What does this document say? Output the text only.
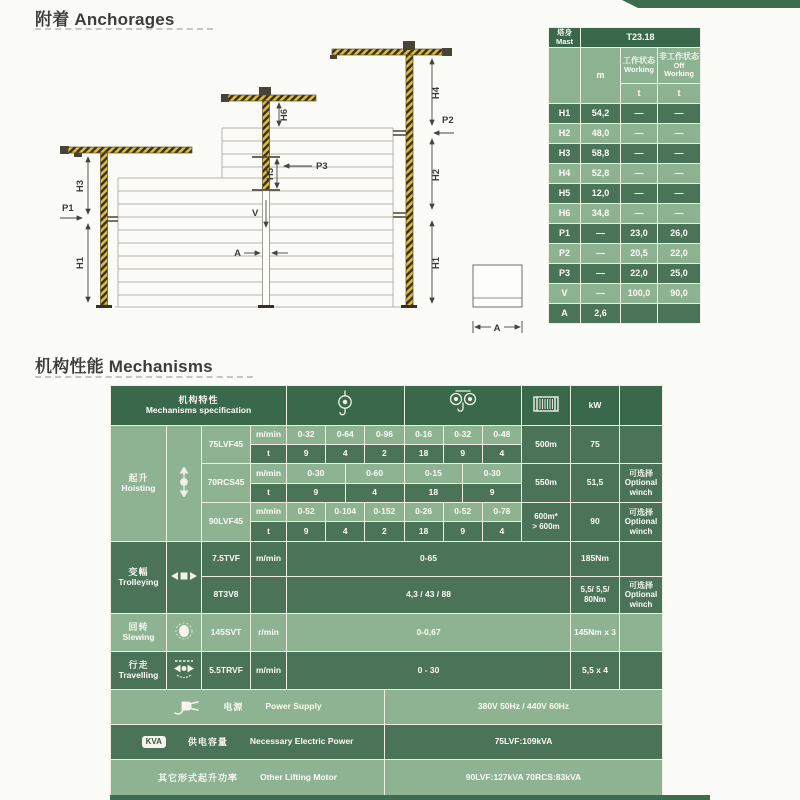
附着 Anchorages
H3
H1
P1
H6
H5
P3
V
A
H4
P2
H2
H1
A
塔身
Mast	T23.18		
	m	工作状态
Working	非工作状态 Off Working
		t	t
H1	54,2	—	—
H2	48,0	—	—
H3	58,8	—	—
H4	52,8	—	—
H5	12,0	—	—
H6	34,8	—	—
P1	—	23,0	26,0
P2	—	20,5	22,0
P3	—	22,0	25,0
V	—	100,0	90,0
A	2,6		
机构性能 Mechanisms
机构特性
Mechanisms specification														kW	
起升
Hoisting		75LVF45	m/min	0-32	0-64		0-96		0-16	0-32		0-48	500m	75	
			t	9	4		2		18	9		4			
		70RCS45	m/min	0-30		0-60			0-15		0-30		550m	51,5	可选择
Optional winch
			t	9		4			18		9				
		90LVF45	m/min	0-52	0-104		0-152		0-26	0-52		0-78	600m*
> 600m	90	可选择
Optional winch
			t	9	4		2		18	9		4			
变幅
Trolleying		7.5TVF	m/min	0-65										185Nm	
		8T3V8		4,3 / 43 / 88										5,5/ 5,5/ 80Nm	可选择
Optional winch
回转
Slewing		145SVT	r/min	0-0,67										145Nm x 3	
行走
Travelling		5.5TRVF	m/min	0 - 30										5,5 x 4	

电源 Power Supply								380V 50Hz / 440V 60Hz							

KVA 供电容量 Necessary Electric Power								75LVF:109kVA							

其它形式起升功率 Other Lifting Motor								90LVF:127kVA 70RCS:83kVA							
